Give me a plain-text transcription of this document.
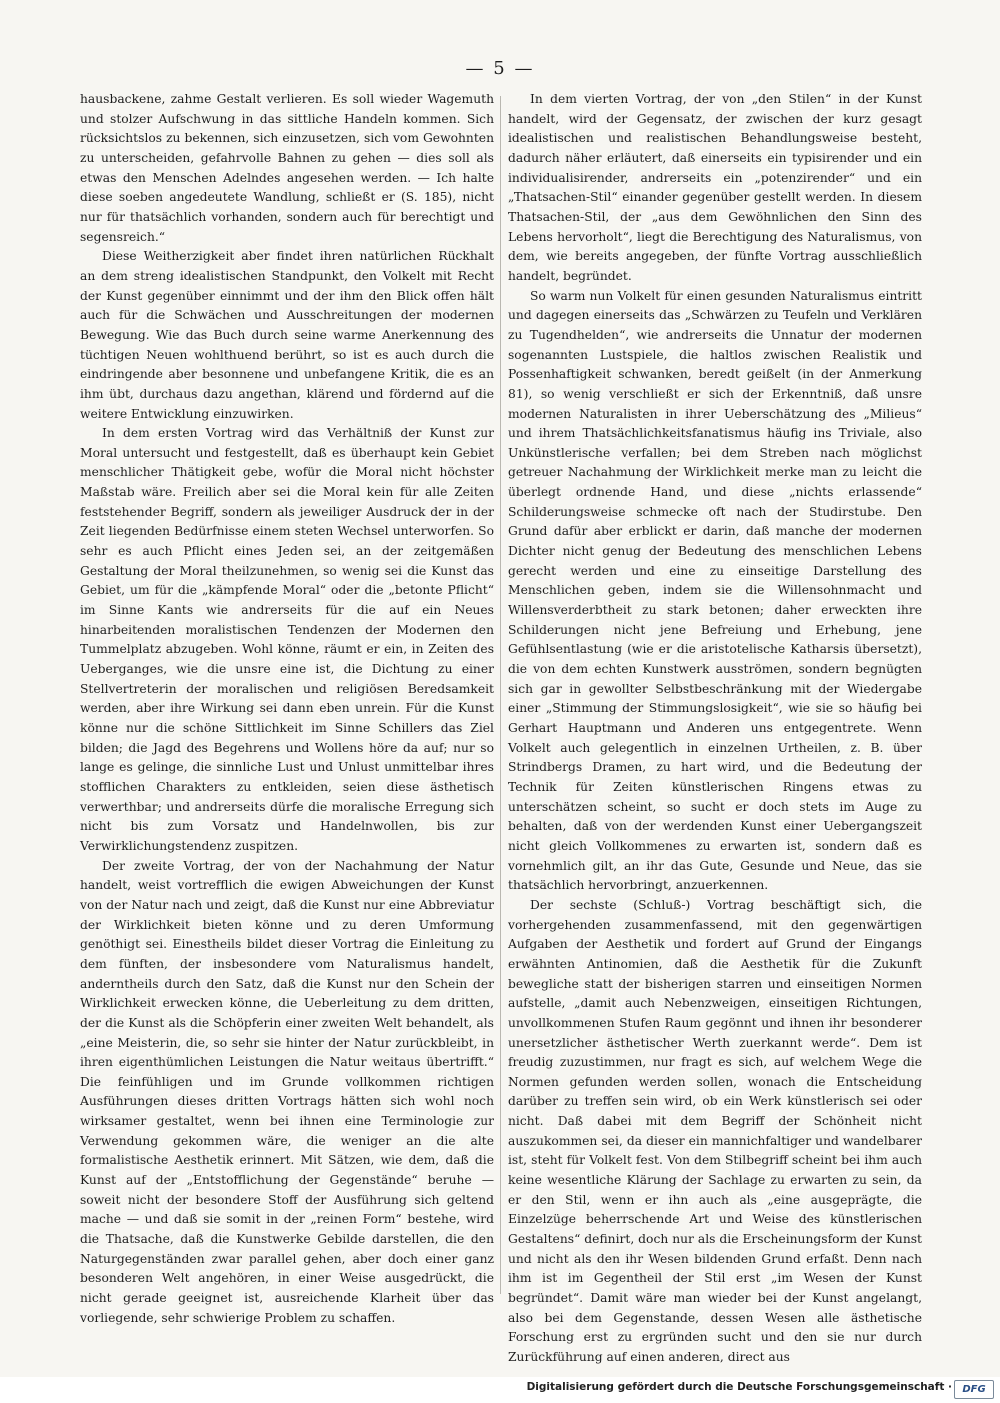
— 5 —

hausbackene, zahme Gestalt verlieren. Es soll wieder Wagemuth und stolzer Aufschwung in das sittliche Handeln kommen. Sich rücksichtslos zu bekennen, sich einzusetzen, sich vom Gewohnten zu unterscheiden, gefahrvolle Bahnen zu gehen — dies soll als etwas den Menschen Adelndes angesehen werden. — Ich halte diese soeben angedeutete Wandlung, schließt er (S. 185), nicht nur für thatsächlich vorhanden, sondern auch für berechtigt und segensreich.“

Diese Weitherzigkeit aber findet ihren natürlichen Rückhalt an dem streng idealistischen Standpunkt, den Volkelt mit Recht der Kunst gegenüber einnimmt und der ihm den Blick offen hält auch für die Schwächen und Ausschreitungen der modernen Bewegung. Wie das Buch durch seine warme Anerkennung des tüchtigen Neuen wohlthuend berührt, so ist es auch durch die eindringende aber besonnene und unbefangene Kritik, die es an ihm übt, durchaus dazu angethan, klärend und fördernd auf die weitere Entwicklung einzuwirken.

In dem ersten Vortrag wird das Verhältniß der Kunst zur Moral untersucht und festgestellt, daß es überhaupt kein Gebiet menschlicher Thätigkeit gebe, wofür die Moral nicht höchster Maßstab wäre. Freilich aber sei die Moral kein für alle Zeiten feststehender Begriff, sondern als jeweiliger Ausdruck der in der Zeit liegenden Bedürfnisse einem steten Wechsel unterworfen. So sehr es auch Pflicht eines Jeden sei, an der zeitgemäßen Gestaltung der Moral theilzunehmen, so wenig sei die Kunst das Gebiet, um für die „kämpfende Moral“ oder die „betonte Pflicht“ im Sinne Kants wie andrerseits für die auf ein Neues hinarbeitenden moralistischen Tendenzen der Modernen den Tummelplatz abzugeben. Wohl könne, räumt er ein, in Zeiten des Ueberganges, wie die unsre eine ist, die Dichtung zu einer Stellvertreterin der moralischen und religiösen Beredsamkeit werden, aber ihre Wirkung sei dann eben unrein. Für die Kunst könne nur die schöne Sittlichkeit im Sinne Schillers das Ziel bilden; die Jagd des Begehrens und Wollens höre da auf; nur so lange es gelinge, die sinnliche Lust und Unlust unmittelbar ihres stofflichen Charakters zu entkleiden, seien diese ästhetisch verwerthbar; und andrerseits dürfe die moralische Erregung sich nicht bis zum Vorsatz und Handelnwollen, bis zur Verwirklichungstendenz zuspitzen.

Der zweite Vortrag, der von der Nachahmung der Natur handelt, weist vortrefflich die ewigen Abweichungen der Kunst von der Natur nach und zeigt, daß die Kunst nur eine Abbreviatur der Wirklichkeit bieten könne und zu deren Umformung genöthigt sei. Einestheils bildet dieser Vortrag die Einleitung zu dem fünften, der insbesondere vom Naturalismus handelt, anderntheils durch den Satz, daß die Kunst nur den Schein der Wirklichkeit erwecken könne, die Ueberleitung zu dem dritten, der die Kunst als die Schöpferin einer zweiten Welt behandelt, als „eine Meisterin, die, so sehr sie hinter der Natur zurückbleibt, in ihren eigenthümlichen Leistungen die Natur weitaus übertrifft.“ Die feinfühligen und im Grunde vollkommen richtigen Ausführungen dieses dritten Vortrags hätten sich wohl noch wirksamer gestaltet, wenn bei ihnen eine Terminologie zur Verwendung gekommen wäre, die weniger an die alte formalistische Aesthetik erinnert. Mit Sätzen, wie dem, daß die Kunst auf der „Entstofflichung der Gegenstände“ beruhe — soweit nicht der besondere Stoff der Ausführung sich geltend mache — und daß sie somit in der „reinen Form“ bestehe, wird die Thatsache, daß die Kunstwerke Gebilde darstellen, die den Naturgegenständen zwar parallel gehen, aber doch einer ganz besonderen Welt angehören, in einer Weise ausgedrückt, die nicht gerade geeignet ist, ausreichende Klarheit über das vorliegende, sehr schwierige Problem zu schaffen.

In dem vierten Vortrag, der von „den Stilen“ in der Kunst handelt, wird der Gegensatz, der zwischen der kurz gesagt idealistischen und realistischen Behandlungsweise besteht, dadurch näher erläutert, daß einerseits ein typisirender und ein individualisirender, andrerseits ein „potenzirender“ und ein „Thatsachen-Stil“ einander gegenüber gestellt werden. In diesem Thatsachen-Stil, der „aus dem Gewöhnlichen den Sinn des Lebens hervorholt“, liegt die Berechtigung des Naturalismus, von dem, wie bereits angegeben, der fünfte Vortrag ausschließlich handelt, begründet.

So warm nun Volkelt für einen gesunden Naturalismus eintritt und dagegen einerseits das „Schwärzen zu Teufeln und Verklären zu Tugendhelden“, wie andrerseits die Unnatur der modernen sogenannten Lustspiele, die haltlos zwischen Realistik und Possenhaftigkeit schwanken, beredt geißelt (in der Anmerkung 81), so wenig verschließt er sich der Erkenntniß, daß unsre modernen Naturalisten in ihrer Ueberschätzung des „Milieus“ und ihrem Thatsächlichkeitsfanatismus häufig ins Triviale, also Unkünstlerische verfallen; bei dem Streben nach möglichst getreuer Nachahmung der Wirklichkeit merke man zu leicht die überlegt ordnende Hand, und diese „nichts erlassende“ Schilderungsweise schmecke oft nach der Studirstube. Den Grund dafür aber erblickt er darin, daß manche der modernen Dichter nicht genug der Bedeutung des menschlichen Lebens gerecht werden und eine zu einseitige Darstellung des Menschlichen geben, indem sie die Willensohnmacht und Willensverderbtheit zu stark betonen; daher erweckten ihre Schilderungen nicht jene Befreiung und Erhebung, jene Gefühlsentlastung (wie er die aristotelische Katharsis übersetzt), die von dem echten Kunstwerk ausströmen, sondern begnügten sich gar in gewollter Selbstbeschränkung mit der Wiedergabe einer „Stimmung der Stimmungslosigkeit“, wie sie so häufig bei Gerhart Hauptmann und Anderen uns entgegentrete. Wenn Volkelt auch gelegentlich in einzelnen Urtheilen, z. B. über Strindbergs Dramen, zu hart wird, und die Bedeutung der Technik für Zeiten künstlerischen Ringens etwas zu unterschätzen scheint, so sucht er doch stets im Auge zu behalten, daß von der werdenden Kunst einer Uebergangszeit nicht gleich Vollkommenes zu erwarten ist, sondern daß es vornehmlich gilt, an ihr das Gute, Gesunde und Neue, das sie thatsächlich hervorbringt, anzuerkennen.

Der sechste (Schluß-) Vortrag beschäftigt sich, die vorhergehenden zusammenfassend, mit den gegenwärtigen Aufgaben der Aesthetik und fordert auf Grund der Eingangs erwähnten Antinomien, daß die Aesthetik für die Zukunft bewegliche statt der bisherigen starren und einseitigen Normen aufstelle, „damit auch Nebenzweigen, einseitigen Richtungen, unvollkommenen Stufen Raum gegönnt und ihnen ihr besonderer unersetzlicher ästhetischer Werth zuerkannt werde“. Dem ist freudig zuzustimmen, nur fragt es sich, auf welchem Wege die Normen gefunden werden sollen, wonach die Entscheidung darüber zu treffen sein wird, ob ein Werk künstlerisch sei oder nicht. Daß dabei mit dem Begriff der Schönheit nicht auszukommen sei, da dieser ein mannichfaltiger und wandelbarer ist, steht für Volkelt fest. Von dem Stilbegriff scheint bei ihm auch keine wesentliche Klärung der Sachlage zu erwarten zu sein, da er den Stil, wenn er ihn auch als „eine ausgeprägte, die Einzelzüge beherrschende Art und Weise des künstlerischen Gestaltens“ definirt, doch nur als die Erscheinungsform der Kunst und nicht als den ihr Wesen bildenden Grund erfaßt. Denn nach ihm ist im Gegentheil der Stil erst „im Wesen der Kunst begründet“. Damit wäre man wieder bei der Kunst angelangt, also bei dem Gegenstande, dessen Wesen alle ästhetische Forschung erst zu ergründen sucht und den sie nur durch Zurückführung auf einen anderen, direct aus

Digitalisierung gefördert durch die Deutsche Forschungsgemeinschaft ·	DFG
